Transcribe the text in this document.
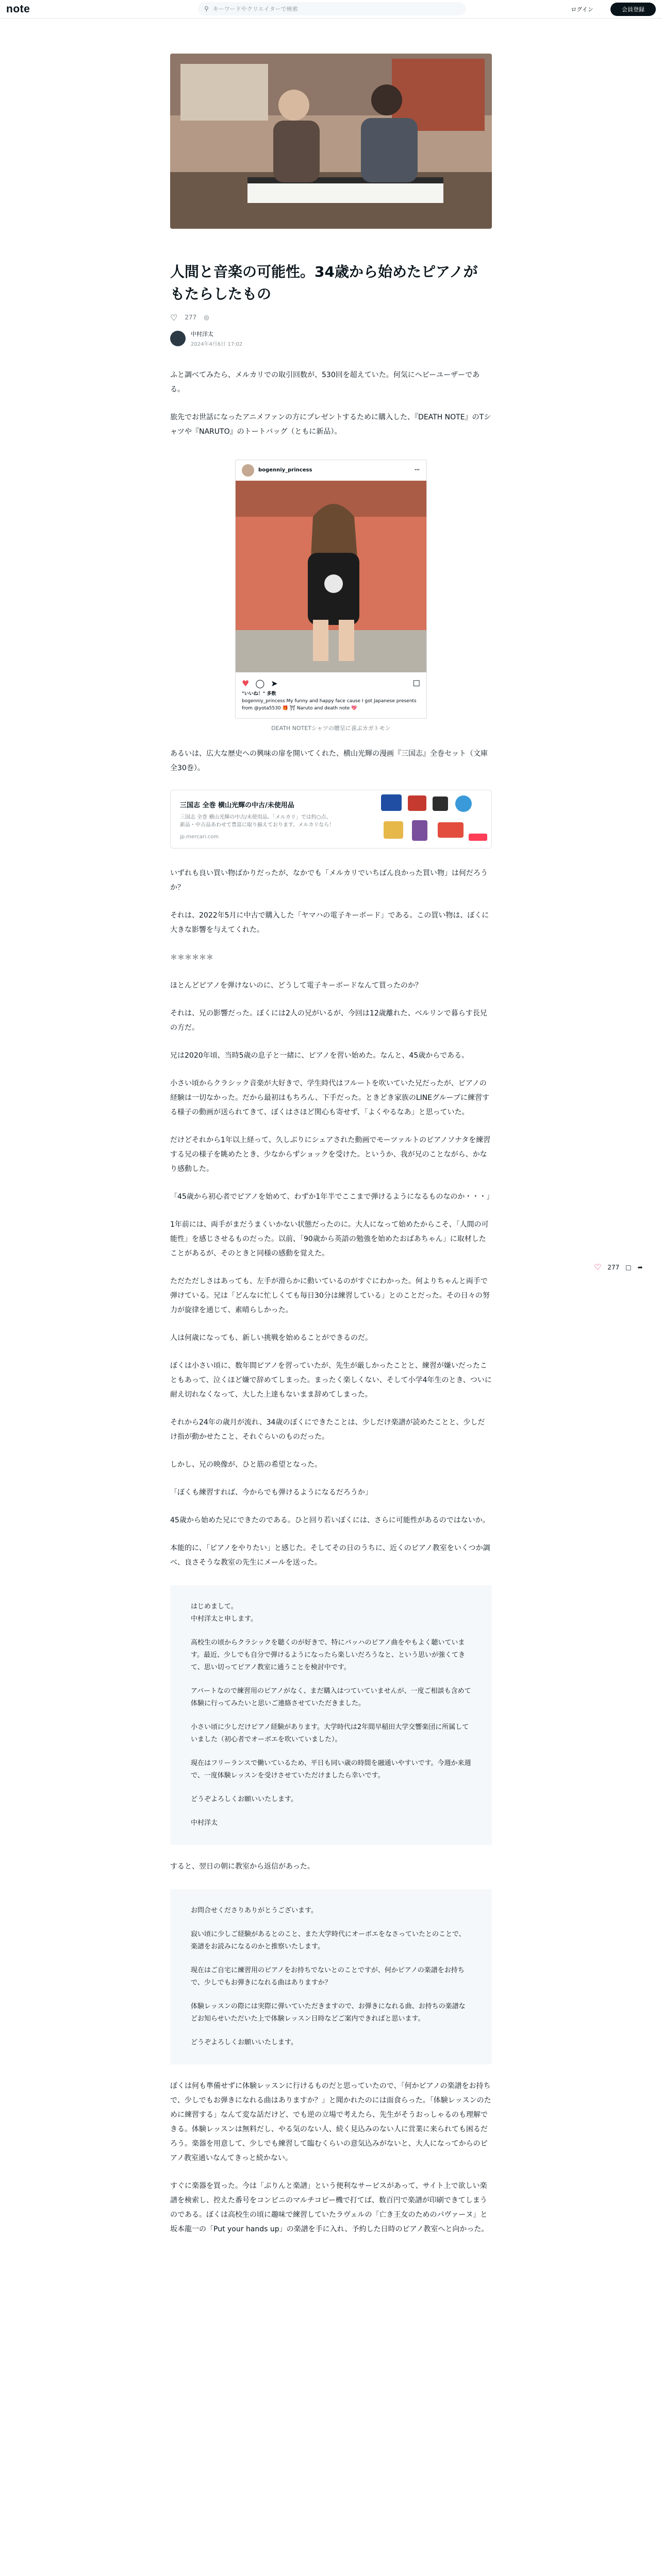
note	⚲ キーワードやクリエイターで検索	ログイン	会員登録
人間と音楽の可能性。34歳から始めたピアノがもたらしたもの
♡ 277 ◎
中村洋太
2024年4月6日 17:02

ふと調べてみたら、メルカリでの取引回数が、530回を超えていた。何気にヘビーユーザーである。

旅先でお世話になったアニメファンの方にプレゼントするために購入した、『DEATH NOTE』のTシャツや『NARUTO』のトートバッグ（ともに新品）。

bogenniy_princess	⋯
♥ ◯ ➤	☐
"いいね！" 多数
bogenniy_princess My funny and happy face cause I got Japanese presents from @yota5530 🎁 ⛩ Naruto and death note 💖
DEATH NOTETシャツの贈呈に喜ぶカガトモン

あるいは、広大な歴史への興味の扉を開いてくれた、横山光輝の漫画『三国志』全巻セット（文庫全30巻）。

三国志 全巻 横山光輝の中古/未使用品
三国志 全巻 横山光輝の中古/未使用品、「メルカリ」では約○点、新品・中古品あわせて豊富に取り揃えております。メルカリなら！
jp.mercari.com

いずれも良い買い物ばかりだったが、なかでも「メルカリでいちばん良かった買い物」は何だろうか？

それは、2022年5月に中古で購入した「ヤマハの電子キーボード」である。この買い物は、ぼくに大きな影響を与えてくれた。

＊＊＊＊＊＊

ほとんどピアノを弾けないのに、どうして電子キーボードなんて買ったのか？

それは、兄の影響だった。ぼくには2人の兄がいるが、今回は12歳離れた、ベルリンで暮らす長兄の方だ。

兄は2020年頃、当時5歳の息子と一緒に、ピアノを習い始めた。なんと、45歳からである。

小さい頃からクラシック音楽が大好きで、学生時代はフルートを吹いていた兄だったが、ピアノの経験は一切なかった。だから最初はもちろん、下手だった。ときどき家族のLINEグループに練習する様子の動画が送られてきて、ぼくはさほど関心も寄せず、「よくやるなあ」と思っていた。

だけどそれから1年以上経って、久しぶりにシェアされた動画でモーツァルトのピアノソナタを練習する兄の様子を眺めたとき、少なからずショックを受けた。というか、我が兄のことながら、かなり感動した。

「45歳から初心者でピアノを始めて、わずか1年半でここまで弾けるようになるものなのか・・・」

1年前には、両手がまだうまくいかない状態だったのに。大人になって始めたからこそ、「人間の可能性」を感じさせるものだった。以前、「90歳から英語の勉強を始めたおばあちゃん」に取材したことがあるが、そのときと同様の感動を覚えた。

ただただしさはあっても、左手が滑らかに動いているのがすぐにわかった。何よりちゃんと両手で弾けている。兄は「どんなに忙しくても毎日30分は練習している」とのことだった。その日々の努力が旋律を通じて、素晴らしかった。

人は何歳になっても、新しい挑戦を始めることができるのだ。

ぼくは小さい頃に、数年間ピアノを習っていたが、先生が厳しかったことと、練習が嫌いだったこともあって、泣くほど嫌で辞めてしまった。まったく楽しくない、そして小学4年生のとき、ついに耐え切れなくなって、大した上達もないまま辞めてしまった。

それから24年の歳月が流れ、34歳のぼくにできたことは、少しだけ楽譜が読めたことと、少しだけ指が動かせたこと、それぐらいのものだった。

しかし、兄の映像が、ひと筋の希望となった。

「ぼくも練習すれば、今からでも弾けるようになるだろうか」

45歳から始めた兄にできたのである。ひと回り若いぼくには、さらに可能性があるのではないか。

本能的に、「ピアノをやりたい」と感じた。そしてその日のうちに、近くのピアノ教室をいくつか調べ、良さそうな教室の先生にメールを送った。

はじめまして。
中村洋太と申します。

高校生の頃からクラシックを聴くのが好きで、特にバッハのピアノ曲をやもよく聴いています。最近、少しでも自分で弾けるようになったら楽しいだろうなと、という思いが強くてきて、思い切ってピアノ教室に通うことを検討中です。

アパートなので練習用のピアノがなく、まだ購入はつていていませんが、一度ご相談も含めて体験に行ってみたいと思いご連絡させていただきました。

小さい頃に少しだけピアノ経験があります。大学時代は2年間早稲田大学交響楽団に所属していました（初心者でオーボエを吹いていました）。

現在はフリーランスで働いているため、平日も同い歳の時間を融通いやすいです。今週か来週で、一度体験レッスンを受けさせていただけましたら幸いです。

どうぞよろしくお願いいたします。

中村洋太

すると、翌日の朝に教室から返信があった。

お問合せくださりありがとうございます。

寂い頃に少しご経験があるとのこと、また大学時代にオーボエをなさっていたとのことで、楽譜をお読みになるのかと推察いたします。

現在はご自宅に練習用のピアノをお持ちでないとのことですが、何かピアノの楽譜をお持ちで、少しでもお弾きになれる曲はありますか？

体験レッスンの際には実際に弾いていただきますので、お弾きになれる曲、お持ちの楽譜などお知らせいただいた上で体験レッスン日時などご案内できればと思います。

どうぞよろしくお願いいたします。

ぼくは何も準備せずに体験レッスンに行けるものだと思っていたので、「何かピアノの楽譜をお持ちで、少しでもお弾きになれる曲はありますか？」と聞かれたのには面食らった。「体験レッスンのために練習する」なんて変な話だけど、でも逆の立場で考えたら、先生がそうおっしゃるのも理解できる。体験レッスンは無料だし、やる気のない人、続く見込みのない人に営業に来られても困るだろう。楽器を用意して、少しでも練習して臨むくらいの意気込みがないと、大人になってからのピアノ教室通いなんてきっと続かない。

すぐに楽器を買った。今は「ぷりんと楽譜」という便利なサービスがあって、サイト上で欲しい楽譜を検索し、控えた番号をコンビニのマルチコピー機で打てば、数百円で楽譜が印刷できてしまうのである。ぼくは高校生の頃に趣味で練習していたラヴェルの「亡き王女のためのパヴァーヌ」と坂本龍一の「Put your hands up」の楽譜を手に入れ、予約した日時のピアノ教室へと向かった。

♡ 277 □ ➦
